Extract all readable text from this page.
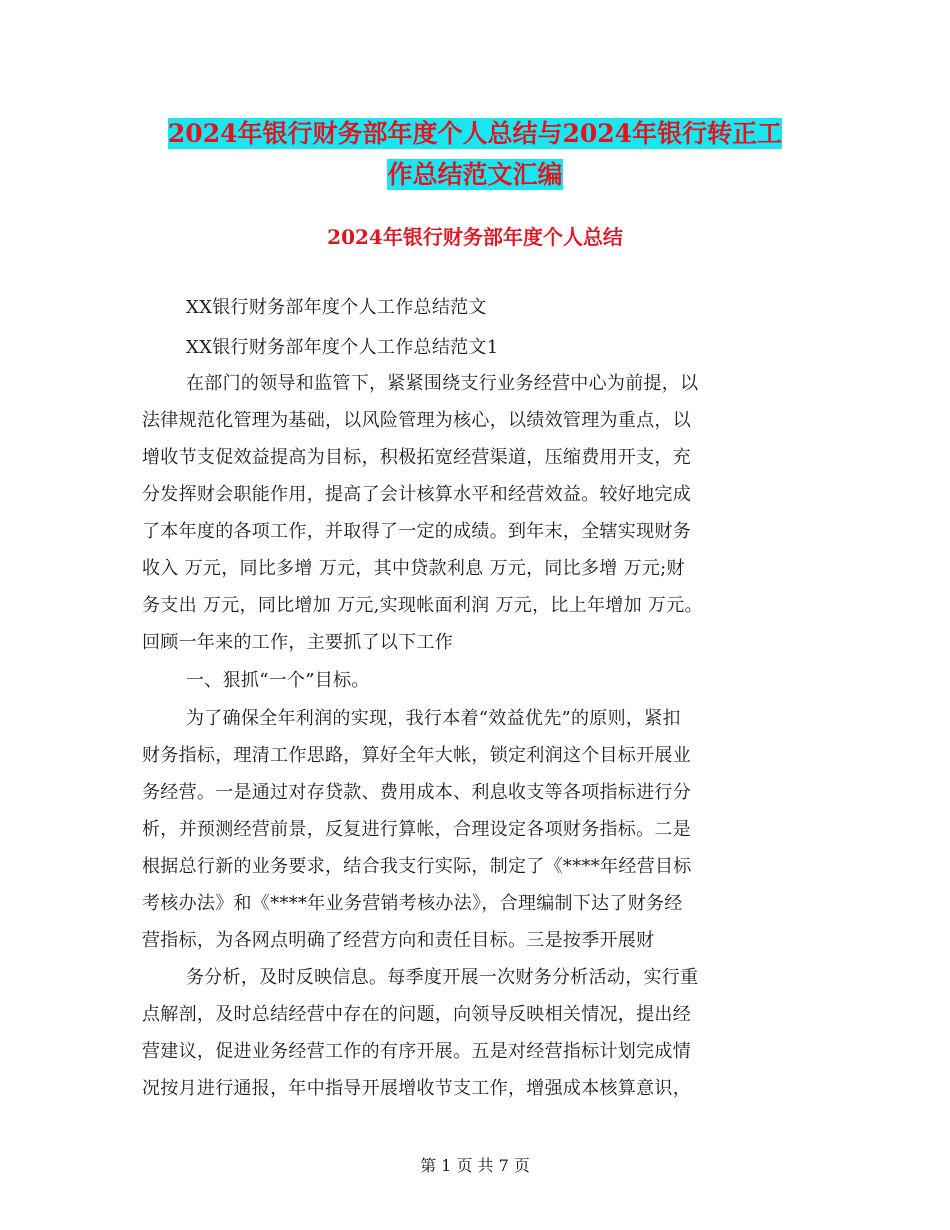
2024年银行财务部年度个人总结与2024年银行转正工
作总结范文汇编
2024年银行财务部年度个人总结
XX银行财务部年度个人工作总结范文
XX银行财务部年度个人工作总结范文1
在部门的领导和监管下，紧紧围绕支行业务经营中心为前提，以
法律规范化管理为基础，以风险管理为核心，以绩效管理为重点，以
增收节支促效益提高为目标，积极拓宽经营渠道，压缩费用开支，充
分发挥财会职能作用，提高了会计核算水平和经营效益。较好地完成
了本年度的各项工作，并取得了一定的成绩。到年末，全辖实现财务
收入 万元，同比多增 万元，其中贷款利息 万元，同比多增 万元;财
务支出 万元，同比增加 万元,实现帐面利润 万元，比上年增加 万元。
回顾一年来的工作，主要抓了以下工作
一、狠抓“一个”目标。
为了确保全年利润的实现，我行本着“效益优先”的原则，紧扣
财务指标，理清工作思路，算好全年大帐，锁定利润这个目标开展业
务经营。一是通过对存贷款、费用成本、利息收支等各项指标进行分
析，并预测经营前景，反复进行算帐，合理设定各项财务指标。二是
根据总行新的业务要求，结合我支行实际，制定了《****年经营目标
考核办法》和《****年业务营销考核办法》，合理编制下达了财务经
营指标，为各网点明确了经营方向和责任目标。三是按季开展财
务分析，及时反映信息。每季度开展一次财务分析活动，实行重
点解剖，及时总结经营中存在的问题，向领导反映相关情况，提出经
营建议，促进业务经营工作的有序开展。五是对经营指标计划完成情
况按月进行通报，年中指导开展增收节支工作，增强成本核算意识，
第 1 页 共 7 页
